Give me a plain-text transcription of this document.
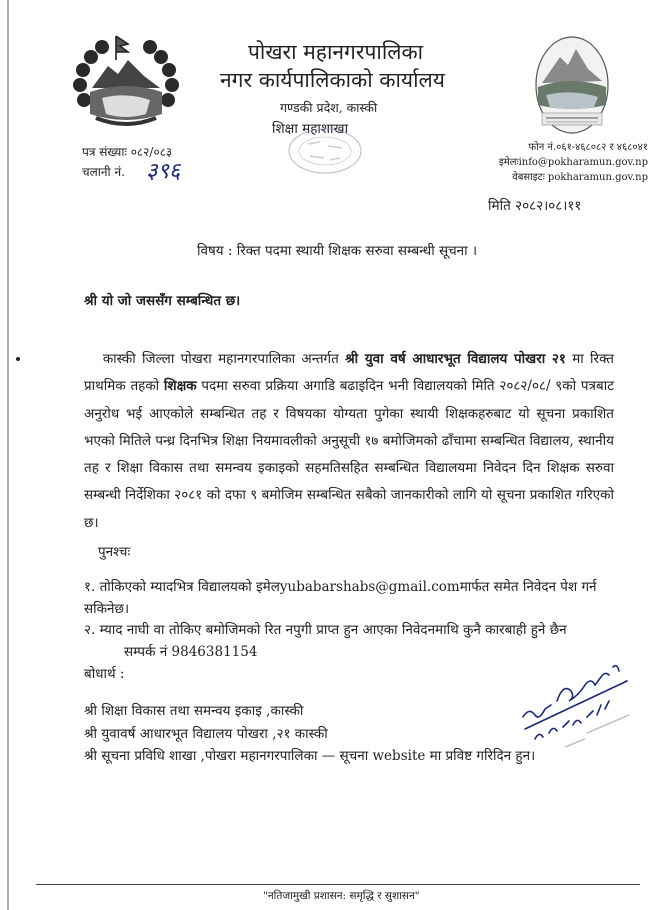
पोखरा महानगरपालिका
नगर कार्यपालिकाको कार्यालय
गण्डकी प्रदेश, कास्की
शिक्षा महाशाखा
पत्र संख्याः ०८२/०८३
चलानी नं. ३९६
फोन नं.०६१-४६८०८२ र ४६८०४१
इमेलःinfo@pokharamun.gov.np
वेबसाइटः pokharamun.gov.np
मिति २०८२।०८।११
विषय : रिक्त पदमा स्थायी शिक्षक सरुवा सम्बन्धी सूचना ।
श्री यो जो जससँग सम्बन्धित छ।
कास्की जिल्ला पोखरा महानगरपालिका अन्तर्गत श्री युवा वर्ष आधारभूत विद्यालय पोखरा २१ मा रिक्त प्राथमिक तहको शिक्षक पदमा सरुवा प्रक्रिया अगाडि बढाइदिन भनी विद्यालयको मिति २०८२/०८/ ९को पत्रबाट अनुरोध भई आएकोले सम्बन्धित तह र विषयका योग्यता पुगेका स्थायी शिक्षकहरुबाट यो सूचना प्रकाशित भएको मितिले पन्ध्र दिनभित्र शिक्षा नियमावलीको अनुसूची १७ बमोजिमको ढाँचामा सम्बन्धित विद्यालय, स्थानीय तह र शिक्षा विकास तथा समन्वय इकाइको सहमतिसहित सम्बन्धित विद्यालयमा निवेदन दिन शिक्षक सरुवा सम्बन्धी निर्देशिका २०८१ को दफा ९ बमोजिम सम्बन्धित सबैको जानकारीको लागि यो सूचना प्रकाशित गरिएको छ।
पुनश्चः
१. तोकिएको म्यादभित्र विद्यालयको इमेलyubabarshabs@gmail.comमार्फत समेत निवेदन पेश गर्न सकिनेछ।
२. म्याद नाघी वा तोकिए बमोजिमको रित नपुगी प्राप्त हुन आएका निवेदनमाथि कुनै कारबाही हुने छैन
सम्पर्क नं 9846381154
बोधार्थ :
श्री शिक्षा विकास तथा समन्वय इकाइ ,कास्की
श्री युवावर्ष आधारभूत विद्यालय पोखरा ,२१ कास्की
श्री सूचना प्रविधि शाखा ,पोखरा महानगरपालिका — सूचना website मा प्रविष्ट गरिदिन हुन।
"नतिजामुखी प्रशासन: समृद्धि र सुशासन"
